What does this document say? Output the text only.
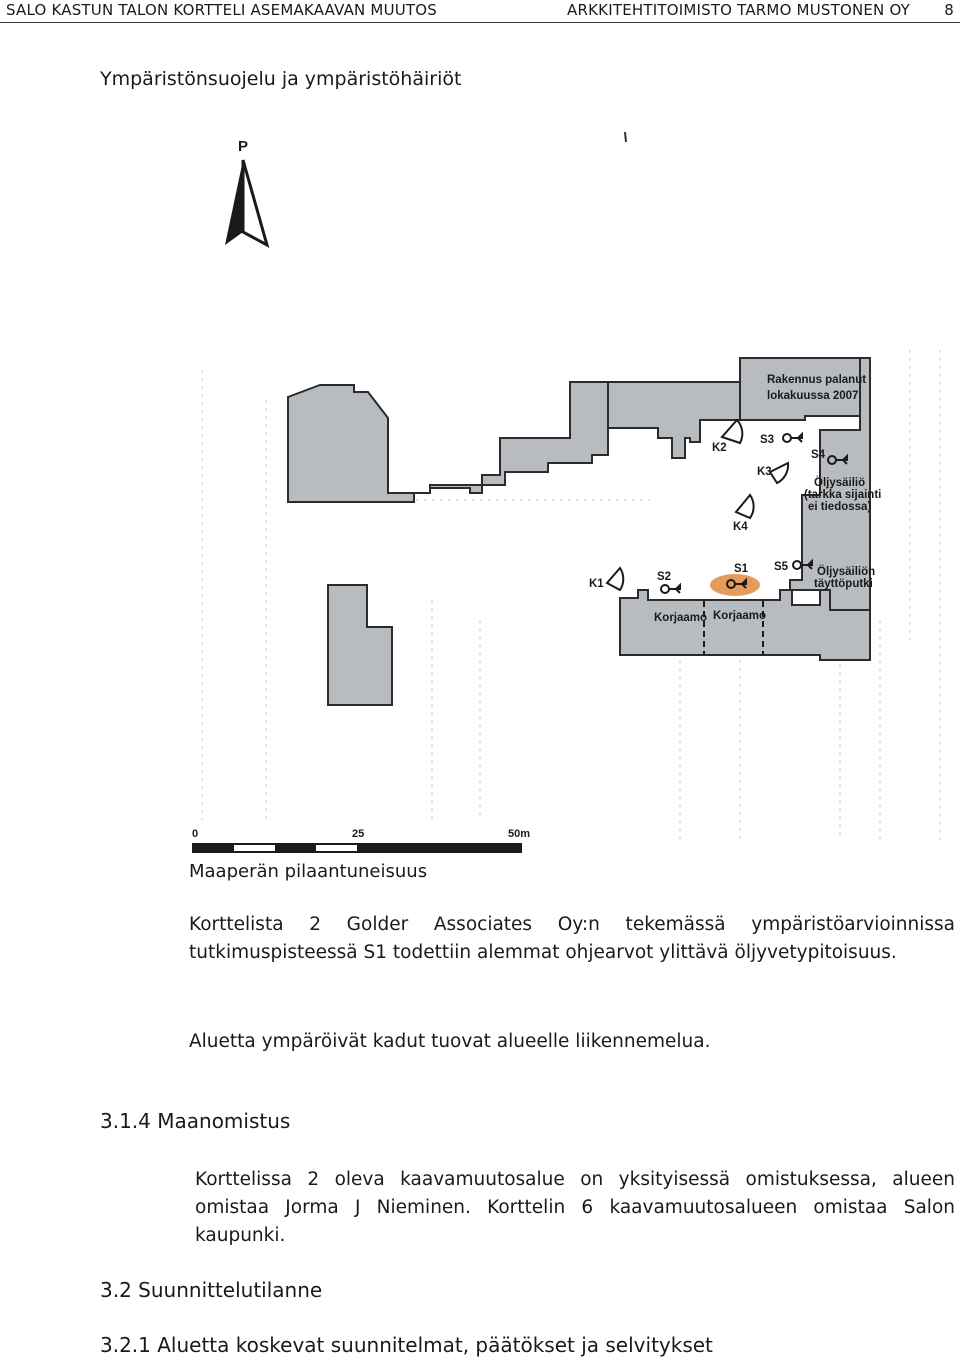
SALO KASTUN TALON KORTTELI ASEMAKAAVAN MUUTOS	ARKKITEHTITOIMISTO TARMO MUSTONEN OY 8
Ympäristönsuojelu ja ympäristöhäiriöt
P
Rakennus palanut
lokakuussa 2007
K2
S3
S4
K3
Öljysäiliö
(tarkka sijainti
ei tiedossa)
K4
S1 S5	Öljysäiliön
täyttöputki
K1
S2
Korjaamo Korjaamo
0	25	50m
Maaperän pilaantuneisuus
Korttelista 2 Golder Associates Oy:n tekemässä ympäristöarvioinnissa tutkimuspisteessä S1 todettiin alemmat ohjearvot ylittävä öljyvetypitoisuus.
Aluetta ympäröivät kadut tuovat alueelle liikennemelua.
3.1.4 Maanomistus
Korttelissa 2 oleva kaavamuutosalue on yksityisessä omistuksessa, alueen omistaa Jorma J Nieminen. Korttelin 6 kaavamuutosalueen omistaa Salon kaupunki.
3.2 Suunnittelutilanne
3.2.1 Aluetta koskevat suunnitelmat, päätökset ja selvitykset
